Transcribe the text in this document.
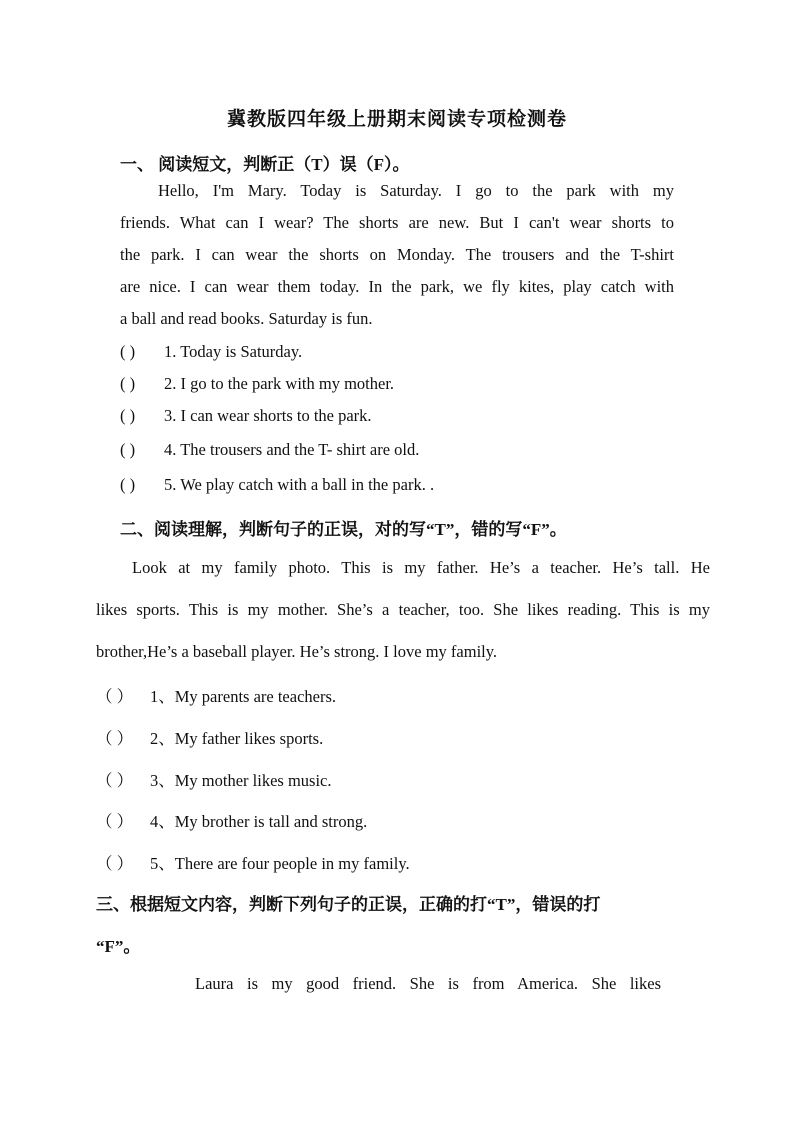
冀教版四年级上册期末阅读专项检测卷
一、 阅读短文，判断正（T）误（F）。
Hello, I'm Mary. Today is Saturday. I go to the park with my
friends. What can I wear? The shorts are new. But I can't wear shorts to
the park. I can wear the shorts on Monday. The trousers and the T-shirt
are nice. I can wear them today. In the park, we fly kites, play catch with
a ball and read books. Saturday is fun.
( ) 1. Today is Saturday.
( ) 2. I go to the park with my mother.
( ) 3. I can wear shorts to the park.
( ) 4. The trousers and the T- shirt are old.
( ) 5. We play catch with a ball in the park. .
二、阅读理解，判断句子的正误，对的写“T”，错的写“F”。
Look at my family photo. This is my father. He’s a teacher. He’s tall. He
likes sports. This is my mother. She’s a teacher, too. She likes reading. This is my
brother,He’s a baseball player. He’s strong. I love my family.
（ ） 1、My parents are teachers.
（ ） 2、My father likes sports.
（ ） 3、My mother likes music.
（ ） 4、My brother is tall and strong.
（ ） 5、There are four people in my family.
三、根据短文内容，判断下列句子的正误，正确的打“T”，错误的打
“F”。
Laura is my good friend. She is from America. She likes
